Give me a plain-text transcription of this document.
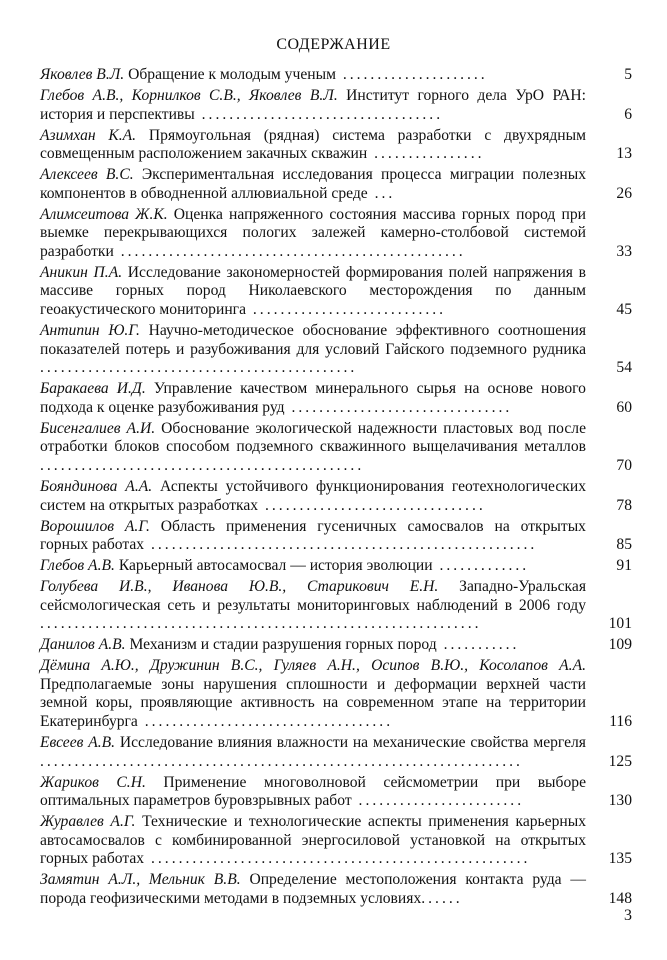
СОДЕРЖАНИЕ
Яковлев В.Л. Обращение к молодым ученым .....................	5
Глебов А.В., Корнилков С.В., Яковлев В.Л. Институт горного дела УрО РАН: история и перспективы ...................................	6
Азимхан К.А. Прямоугольная (рядная) система разработки с двухрядным совмещенным расположением закачных скважин ................	13
Алексеев В.С. Экспериментальная исследования процесса миграции полезных компонентов в обводненной аллювиальной среде ...	26
Алимсеитова Ж.К. Оценка напряженного состояния массива горных пород при выемке перекрывающихся пологих залежей камерно-столбовой системой разработки ..................................................	33
Аникин П.А. Исследование закономерностей формирования полей напряжения в массиве горных пород Николаевского месторождения по данным геоакустического мониторинга ............................	45
Антипин Ю.Г. Научно-методическое обоснование эффективного соотношения показателей потерь и разубоживания для условий Гайского подземного рудника ..............................................	54
Баракаева И.Д. Управление качеством минерального сырья на основе нового подхода к оценке разубоживания руд ................................	60
Бисенгалиев А.И. Обоснование экологической надежности пластовых вод после отработки блоков способом подземного скважинного выщелачивания металлов ...............................................	70
Бояндинова А.А. Аспекты устойчивого функционирования геотехнологических систем на открытых разработках ................................	78
Ворошилов А.Г. Область применения гусеничных самосвалов на открытых горных работах ........................................................	85
Глебов А.В. Карьерный автосамосвал — история эволюции .............	91
Голубева И.В., Иванова Ю.В., Старикович Е.Н. Западно-Уральская сейсмологическая сеть и результаты мониторинговых наблюдений в 2006 году ................................................................	101
Данилов А.В. Механизм и стадии разрушения горных пород ...........	109
Дёмина А.Ю., Дружинин В.С., Гуляев А.Н., Осипов В.Ю., Косолапов А.А. Предполагаемые зоны нарушения сплошности и деформации верхней части земной коры, проявляющие активность на современном этапе на территории Екатеринбурга ....................................	116
Евсеев А.В. Исследование влияния влажности на механические свойства мергеля ......................................................................	125
Жариков С.Н. Применение многоволновой сейсмометрии при выборе оптимальных параметров буровзрывных работ ........................	130
Журавлев А.Г. Технические и технологические аспекты применения карьерных автосамосвалов с комбинированной энергосиловой установкой на открытых горных работах .......................................................	135
Замятин А.Л., Мельник В.В. Определение местоположения контакта руда — порода геофизическими методами в подземных условиях......	148
3
